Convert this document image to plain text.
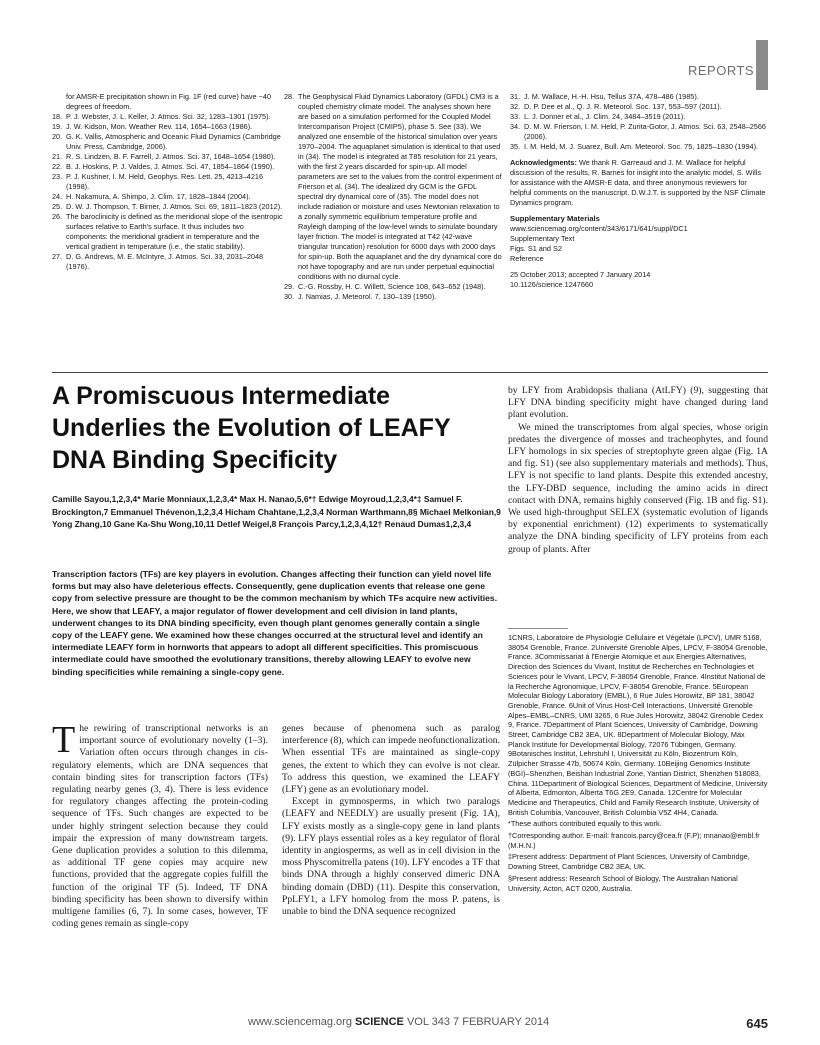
REPORTS
for AMSR-E precipitation shown in Fig. 1F (red curve) have ~40 degrees of freedom.
18. P. J. Webster, J. L. Keller, J. Atmos. Sci. 32, 1283–1301 (1975).
19. J. W. Kidson, Mon. Weather Rev. 114, 1654–1663 (1986).
20. G. K. Vallis, Atmospheric and Oceanic Fluid Dynamics (Cambridge Univ. Press, Cambridge, 2006).
21. R. S. Lindzen, B. F. Farrell, J. Atmos. Sci. 37, 1648–1654 (1980).
22. B. J. Hoskins, P. J. Valdes, J. Atmos. Sci. 47, 1854–1864 (1990).
23. P. J. Kushner, I. M. Held, Geophys. Res. Lett. 25, 4213–4216 (1998).
24. H. Nakamura, A. Shimpo, J. Clim. 17, 1828–1844 (2004).
25. D. W. J. Thompson, T. Birner, J. Atmos. Sci. 69, 1811–1823 (2012).
26. The baroclinicity is defined as the meridional slope of the isentropic surfaces relative to Earth's surface. It thus includes two components: the meridional gradient in temperature and the vertical gradient in temperature (i.e., the static stability).
27. D. G. Andrews, M. E. McIntyre, J. Atmos. Sci. 33, 2031–2048 (1976).
28. The Geophysical Fluid Dynamics Laboratory (GFDL) CM3 is a coupled chemistry climate model. The analyses shown here are based on a simulation performed for the Coupled Model Intercomparison Project (CMIP5), phase 5. See (33). We analyzed one ensemble of the historical simulation over years 1970–2004. The aquaplanet simulation is identical to that used in (34). The model is integrated at T85 resolution for 21 years, with the first 2 years discarded for spin-up. All model parameters are set to the values from the control experiment of Frierson et al. (34). The idealized dry GCM is the GFDL spectral dry dynamical core of (35). The model does not include radiation or moisture and uses Newtonian relaxation to a zonally symmetric equilibrium temperature profile and Rayleigh damping of the low-level winds to simulate boundary layer friction. The model is integrated at T42 (42-wave triangular truncation) resolution for 6000 days with 2000 days for spin-up. Both the aquaplanet and the dry dynamical core do not have topography and are run under perpetual equinoctial conditions with no diurnal cycle.
29. C.-G. Rossby, H. C. Willett, Science 108, 643–652 (1948).
30. J. Namias, J. Meteorol. 7, 130–139 (1950).
31. J. M. Wallace, H.-H. Hsu, Tellus 37A, 478–486 (1985).
32. D. P. Dee et al., Q. J. R. Meteorol. Soc. 137, 553–597 (2011).
33. L. J. Donner et al., J. Clim. 24, 3484–3519 (2011).
34. D. M. W. Frierson, I. M. Held, P. Zurita-Gotor, J. Atmos. Sci. 63, 2548–2566 (2006).
35. I. M. Held, M. J. Suarez, Bull. Am. Meteorol. Soc. 75, 1825–1830 (1994).
Acknowledgments: We thank R. Garreaud and J. M. Wallace for helpful discussion of the results, R. Barnes for insight into the analytic model, S. Wills for assistance with the AMSR-E data, and three anonymous reviewers for helpful comments on the manuscript. D.W.J.T. is supported by the NSF Climate Dynamics program.
Supplementary Materials
www.sciencemag.org/content/343/6171/641/suppl/DC1
Supplementary Text
Figs. S1 and S2
Reference
25 October 2013; accepted 7 January 2014
10.1126/science.1247660
A Promiscuous Intermediate Underlies the Evolution of LEAFY DNA Binding Specificity
Camille Sayou,1,2,3,4* Marie Monniaux,1,2,3,4* Max H. Nanao,5,6*† Edwige Moyroud,1,2,3,4*‡ Samuel F. Brockington,7 Emmanuel Thévenon,1,2,3,4 Hicham Chahtane,1,2,3,4 Norman Warthmann,8§ Michael Melkonian,9 Yong Zhang,10 Gane Ka-Shu Wong,10,11 Detlef Weigel,8 François Parcy,1,2,3,4,12† Renaud Dumas1,2,3,4
Transcription factors (TFs) are key players in evolution. Changes affecting their function can yield novel life forms but may also have deleterious effects. Consequently, gene duplication events that release one gene copy from selective pressure are thought to be the common mechanism by which TFs acquire new activities. Here, we show that LEAFY, a major regulator of flower development and cell division in land plants, underwent changes to its DNA binding specificity, even though plant genomes generally contain a single copy of the LEAFY gene. We examined how these changes occurred at the structural level and identify an intermediate LEAFY form in hornworts that appears to adopt all different specificities. This promiscuous intermediate could have smoothed the evolutionary transitions, thereby allowing LEAFY to evolve new binding specificities while remaining a single-copy gene.

The rewiring of transcriptional networks is an important source of evolutionary novelty (1–3). Variation often occurs through changes in cis-regulatory elements, which are DNA sequences that contain binding sites for transcription factors (TFs) regulating nearby genes (3, 4). There is less evidence for regulatory changes affecting the protein-coding sequence of TFs. Such changes are expected to be under highly stringent selection because they could impair the expression of many downstream targets. Gene duplication provides a solution to this dilemma, as additional TF gene copies may acquire new functions, provided that the aggregate copies fulfill the function of the original TF (5). Indeed, TF DNA binding specificity has been shown to diversify within multigene families (6, 7). In some cases, however, TF coding genes remain as single-copy

genes because of phenomena such as paralog interference (8), which can impede neofunctionalization. When essential TFs are maintained as single-copy genes, the extent to which they can evolve is not clear. To address this question, we examined the LEAFY (LFY) gene as an evolutionary model.

Except in gymnosperms, in which two paralogs (LEAFY and NEEDLY) are usually present (Fig. 1A), LFY exists mostly as a single-copy gene in land plants (9). LFY plays essential roles as a key regulator of floral identity in angiosperms, as well as in cell division in the moss Physcomitrella patens (10). LFY encodes a TF that binds DNA through a highly conserved dimeric DNA binding domain (DBD) (11). Despite this conservation, PpLFY1, a LFY homolog from the moss P. patens, is unable to bind the DNA sequence recognized

by LFY from Arabidopsis thaliana (AtLFY) (9), suggesting that LFY DNA binding specificity might have changed during land plant evolution.

We mined the transcriptomes from algal species, whose origin predates the divergence of mosses and tracheophytes, and found LFY homologs in six species of streptophyte green algae (Fig. 1A and fig. S1) (see also supplementary materials and methods). Thus, LFY is not specific to land plants. Despite this extended ancestry, the LFY-DBD sequence, including the amino acids in direct contact with DNA, remains highly conserved (Fig. 1B and fig. S1). We used high-throughput SELEX (systematic evolution of ligands by exponential enrichment) (12) experiments to systematically analyze the DNA binding specificity of LFY proteins from each group of plants. After

1CNRS, Laboratoire de Physiologie Cellulaire et Végétale (LPCV), UMR 5168, 38054 Grenoble, France. 2Université Grenoble Alpes, LPCV, F-38054 Grenoble, France. 3Commissariat à l'Energie Atomique et aux Energies Alternatives, Direction des Sciences du Vivant, Institut de Recherches en Technologies et Sciences pour le Vivant, LPCV, F-38054 Grenoble, France. 4Institut National de la Recherche Agronomique, LPCV, F-38054 Grenoble, France. 5European Molecular Biology Laboratory (EMBL), 6 Rue Jules Horowitz, BP 181, 38042 Grenoble, France. 6Unit of Virus Host-Cell Interactions, Université Grenoble Alpes–EMBL–CNRS, UMI 3265, 6 Rue Jules Horowitz, 38042 Grenoble Cedex 9, France. 7Department of Plant Sciences, University of Cambridge, Downing Street, Cambridge CB2 3EA, UK. 8Department of Molecular Biology, Max Planck Institute for Developmental Biology, 72076 Tübingen, Germany. 9Botanisches Institut, Lehrstuhl I, Universität zu Köln, Biozentrum Köln, Zülpicher Strasse 47b, 50674 Köln, Germany. 10Beijing Genomics Institute (BGI)–Shenzhen, Beishan Industrial Zone, Yantian District, Shenzhen 518083, China. 11Department of Biological Sciences, Department of Medicine, University of Alberta, Edmonton, Alberta T6G 2E9, Canada. 12Centre for Molecular Medicine and Therapeutics, Child and Family Research Institute, University of British Columbia, Vancouver, British Columbia V5Z 4H4, Canada.

*These authors contributed equally to this work.

†Corresponding author. E-mail: francois.parcy@cea.fr (F.P); mnanao@embl.fr (M.H.N.)

‡Present address: Department of Plant Sciences, University of Cambridge, Downing Street, Cambridge CB2 3EA, UK.

§Present address: Research School of Biology, The Australian National University, Acton, ACT 0200, Australia.

www.sciencemag.org SCIENCE VOL 343 7 FEBRUARY 2014	645
